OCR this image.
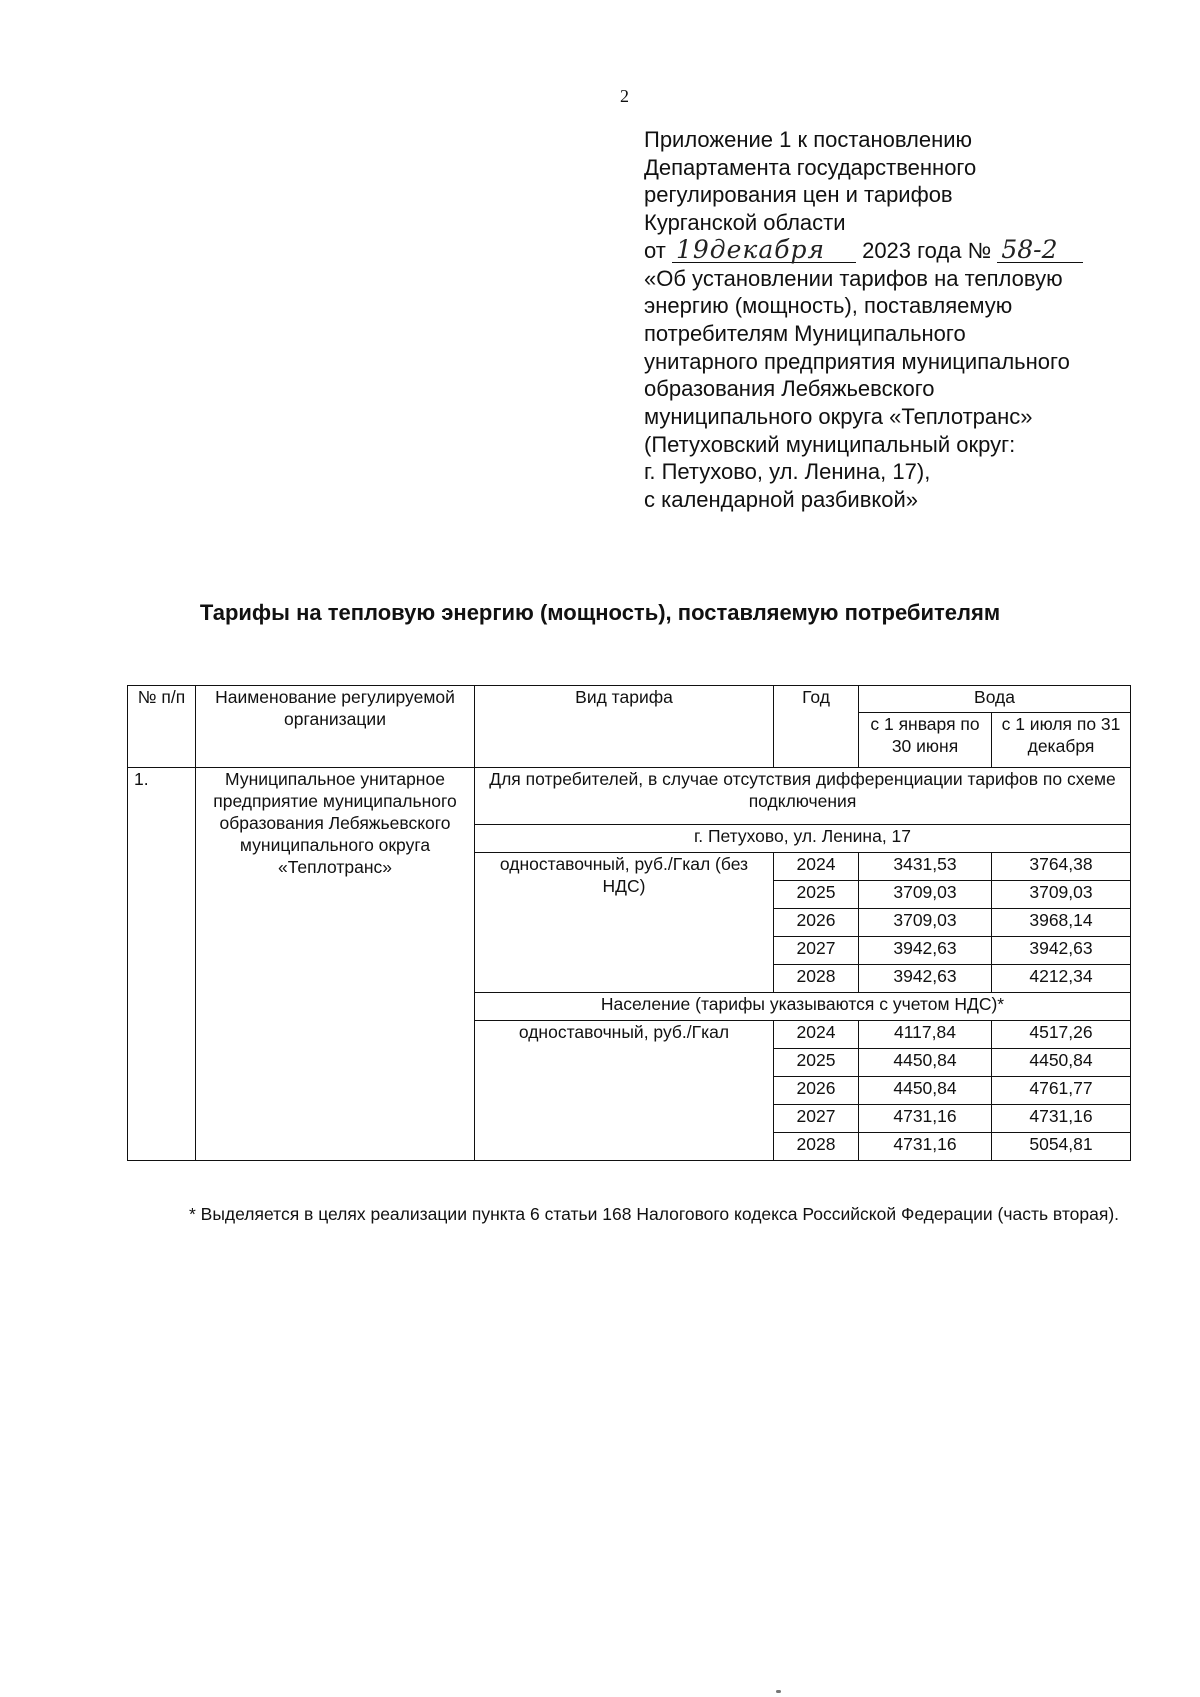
2
Приложение 1 к постановлению
Департамента государственного
регулирования цен и тарифов
Курганской области
от 19декабря 2023 года № 58-2
«Об установлении тарифов на тепловую
энергию (мощность), поставляемую
потребителям Муниципального
унитарного предприятия муниципального
образования Лебяжьевского
муниципального округа «Теплотранс»
(Петуховский муниципальный округ:
г. Петухово, ул. Ленина, 17),
с календарной разбивкой»
Тарифы на тепловую энергию (мощность), поставляемую потребителям
№ п/п	Наименование регулируемой организации	Вид тарифа	Год	Вода	
				с 1 января по 30 июня	с 1 июля по 31 декабря
1.	Муниципальное унитарное предприятие муниципального образования Лебяжьевского муниципального округа «Теплотранс»	Для потребителей, в случае отсутствия дифференциации тарифов по схеме подключения			
		г. Петухово, ул. Ленина, 17			
		одноставочный, руб./Гкал (без НДС)	2024	3431,53	3764,38
			2025	3709,03	3709,03
			2026	3709,03	3968,14
			2027	3942,63	3942,63
			2028	3942,63	4212,34
		Население (тарифы указываются с учетом НДС)*			
		одноставочный, руб./Гкал	2024	4117,84	4517,26
			2025	4450,84	4450,84
			2026	4450,84	4761,77
			2027	4731,16	4731,16
			2028	4731,16	5054,81
* Выделяется в целях реализации пункта 6 статьи 168 Налогового кодекса Российской Федерации (часть вторая).
